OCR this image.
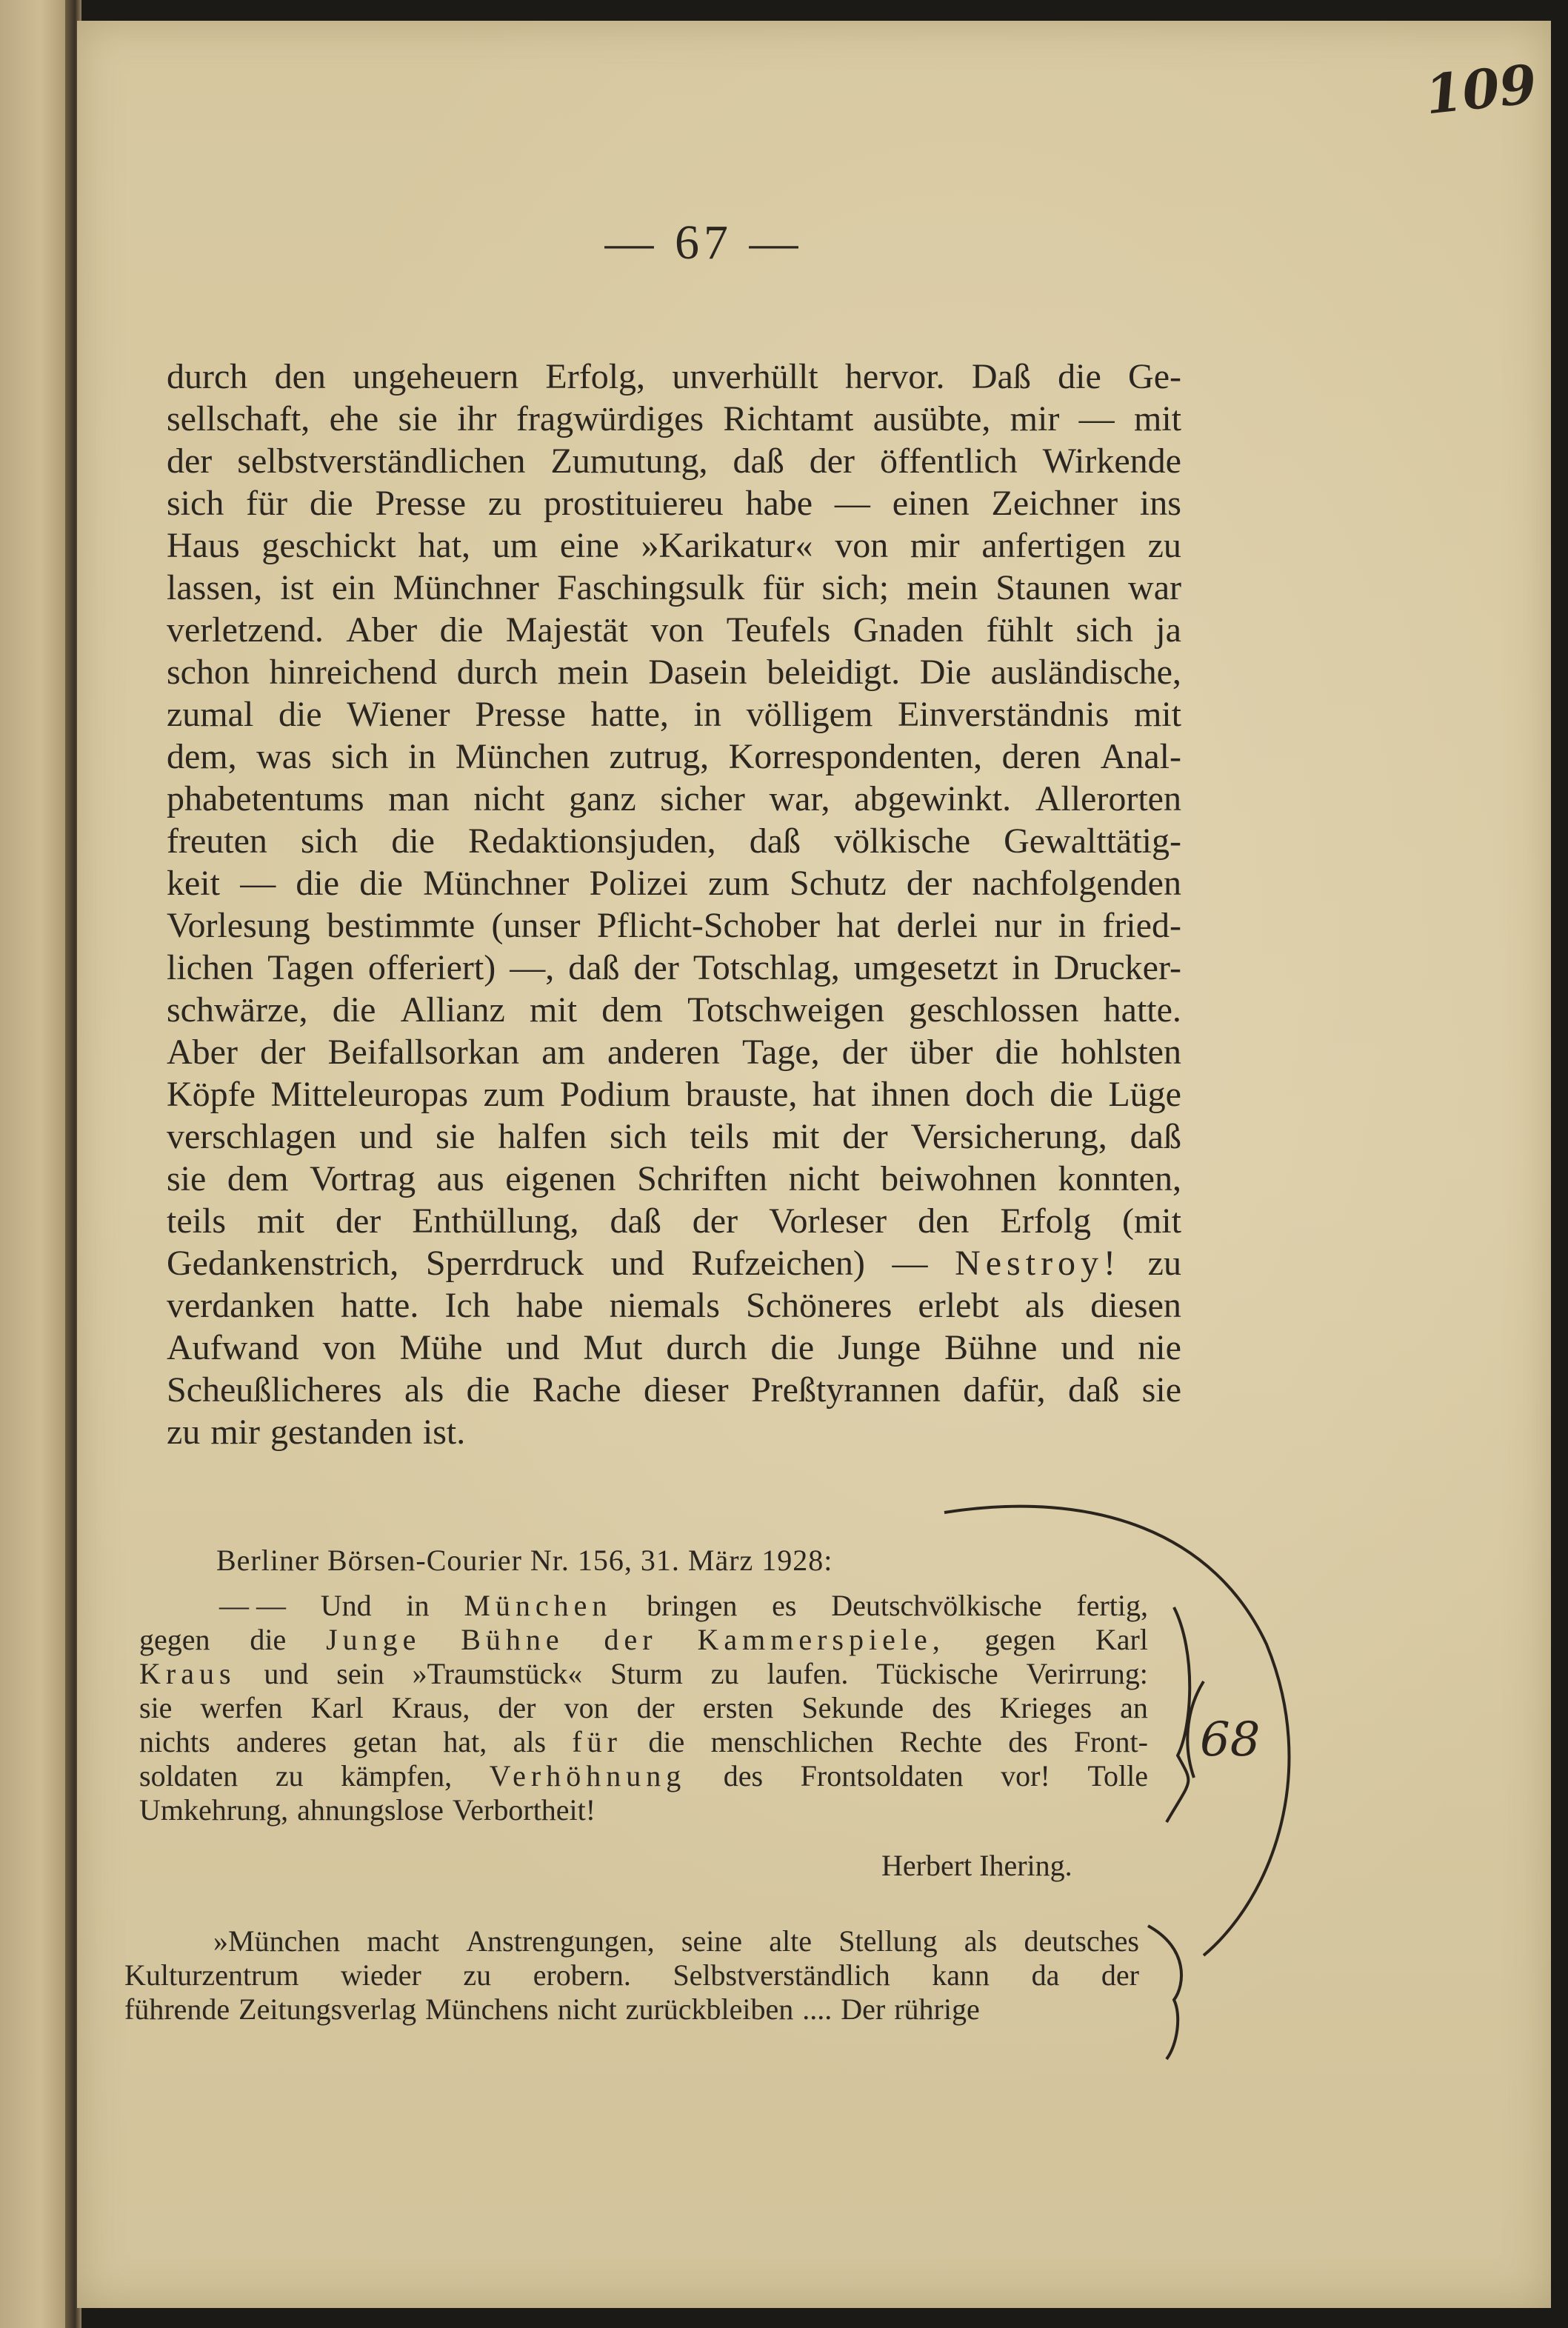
— 67 —
durch den ungeheuern Erfolg, unverhüllt hervor. Daß die Ge-
sellschaft, ehe sie ihr fragwürdiges Richtamt ausübte, mir — mit
der selbstverständlichen Zumutung, daß der öffentlich Wirkende
sich für die Presse zu prostituiereu habe — einen Zeichner ins
Haus geschickt hat, um eine »Karikatur« von mir anfertigen zu
lassen, ist ein Münchner Faschingsulk für sich; mein Staunen war
verletzend. Aber die Majestät von Teufels Gnaden fühlt sich ja
schon hinreichend durch mein Dasein beleidigt. Die ausländische,
zumal die Wiener Presse hatte, in völligem Einverständnis mit
dem, was sich in München zutrug, Korrespondenten, deren Anal-
phabetentums man nicht ganz sicher war, abgewinkt. Allerorten
freuten sich die Redaktionsjuden, daß völkische Gewalttätig-
keit — die die Münchner Polizei zum Schutz der nachfolgenden
Vorlesung bestimmte (unser Pflicht-Schober hat derlei nur in fried-
lichen Tagen offeriert) —, daß der Totschlag, umgesetzt in Drucker-
schwärze, die Allianz mit dem Totschweigen geschlossen hatte.
Aber der Beifallsorkan am anderen Tage, der über die hohlsten
Köpfe Mitteleuropas zum Podium brauste, hat ihnen doch die Lüge
verschlagen und sie halfen sich teils mit der Versicherung, daß
sie dem Vortrag aus eigenen Schriften nicht beiwohnen konnten,
teils mit der Enthüllung, daß der Vorleser den Erfolg (mit
Gedankenstrich, Sperrdruck und Rufzeichen) — Nestroy! zu
verdanken hatte. Ich habe niemals Schöneres erlebt als diesen
Aufwand von Mühe und Mut durch die Junge Bühne und nie
Scheußlicheres als die Rache dieser Preßtyrannen dafür, daß sie
zu mir gestanden ist.
Berliner Börsen-Courier Nr. 156, 31. März 1928:
— — Und in München bringen es Deutschvölkische fertig,
gegen die Junge Bühne der Kammerspiele, gegen Karl
Kraus und sein »Traumstück« Sturm zu laufen. Tückische Verirrung:
sie werfen Karl Kraus, der von der ersten Sekunde des Krieges an
nichts anderes getan hat, als für die menschlichen Rechte des Front-
soldaten zu kämpfen, Verhöhnung des Frontsoldaten vor! Tolle
Umkehrung, ahnungslose Verbortheit!
Herbert Ihering.
»München macht Anstrengungen, seine alte Stellung als deutsches
Kulturzentrum wieder zu erobern. Selbstverständlich kann da der
führende Zeitungsverlag Münchens nicht zurückbleiben .... Der rührige
109
68
